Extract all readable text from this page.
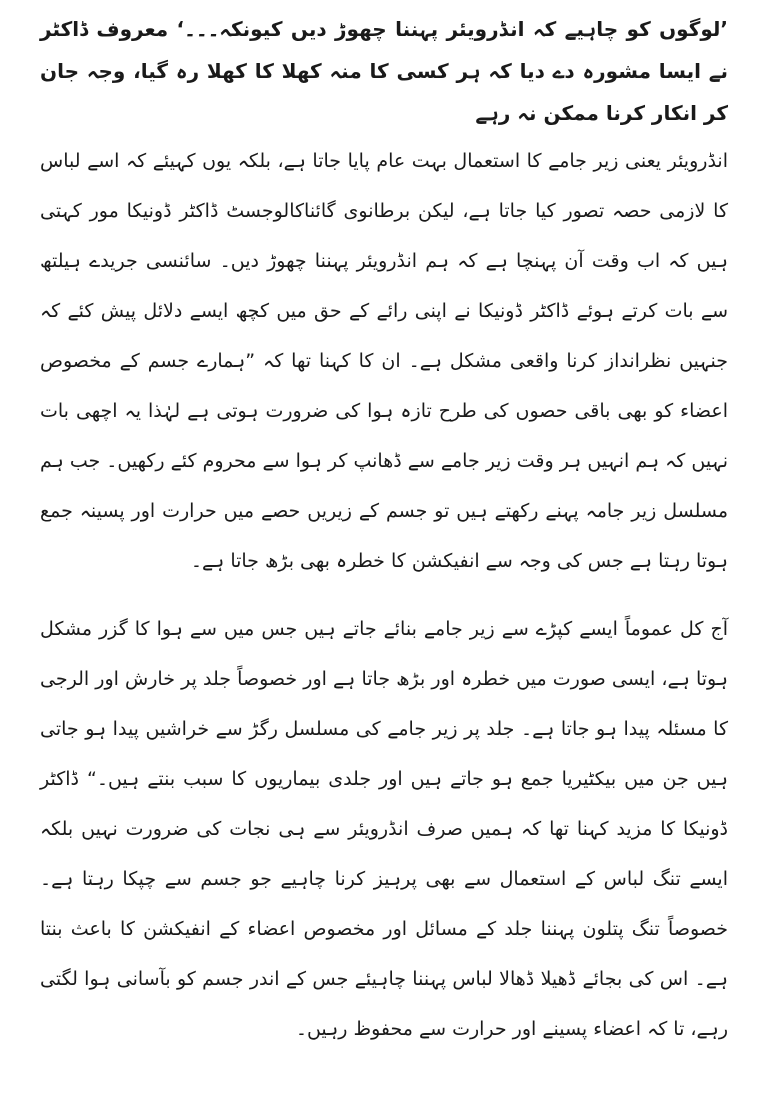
’لوگوں کو چاہیے کہ انڈرویئر پہننا چھوڑ دیں کیونکہ۔۔۔‘ معروف ڈاکٹر نے ایسا مشورہ دے دیا کہ ہر کسی کا منہ کھلا کا کھلا رہ گیا، وجہ جان کر انکار کرنا ممکن نہ رہے

انڈرویئر یعنی زیر جامے کا استعمال بہت عام پایا جاتا ہے، بلکہ یوں کہیئے کہ اسے لباس کا لازمی حصہ تصور کیا جاتا ہے، لیکن برطانوی گائناکالوجسٹ ڈاکٹر ڈونیکا مور کہتی ہیں کہ اب وقت آن پہنچا ہے کہ ہم انڈرویئر پہننا چھوڑ دیں۔ سائنسی جریدے ہیلتھ سے بات کرتے ہوئے ڈاکٹر ڈونیکا نے اپنی رائے کے حق میں کچھ ایسے دلائل پیش کئے کہ جنہیں نظرانداز کرنا واقعی مشکل ہے۔ ان کا کہنا تھا کہ ”ہمارے جسم کے مخصوص اعضاء کو بھی باقی حصوں کی طرح تازہ ہوا کی ضرورت ہوتی ہے لہٰذا یہ اچھی بات نہیں کہ ہم انہیں ہر وقت زیر جامے سے ڈھانپ کر ہوا سے محروم کئے رکھیں۔ جب ہم مسلسل زیر جامہ پہنے رکھتے ہیں تو جسم کے زیریں حصے میں حرارت اور پسینہ جمع ہوتا رہتا ہے جس کی وجہ سے انفیکشن کا خطرہ بھی بڑھ جاتا ہے۔

آج کل عموماً ایسے کپڑے سے زیر جامے بنائے جاتے ہیں جس میں سے ہوا کا گزر مشکل ہوتا ہے، ایسی صورت میں خطرہ اور بڑھ جاتا ہے اور خصوصاً جلد پر خارش اور الرجی کا مسئلہ پیدا ہو جاتا ہے۔ جلد پر زیر جامے کی مسلسل رگڑ سے خراشیں پیدا ہو جاتی ہیں جن میں بیکٹیریا جمع ہو جاتے ہیں اور جلدی بیماریوں کا سبب بنتے ہیں۔“ ڈاکٹر ڈونیکا کا مزید کہنا تھا کہ ہمیں صرف انڈرویئر سے ہی نجات کی ضرورت نہیں بلکہ ایسے تنگ لباس کے استعمال سے بھی پرہیز کرنا چاہیے جو جسم سے چپکا رہتا ہے۔ خصوصاً تنگ پتلون پہننا جلد کے مسائل اور مخصوص اعضاء کے انفیکشن کا باعث بنتا ہے۔ اس کی بجائے ڈھیلا ڈھالا لباس پہننا چاہیئے جس کے اندر جسم کو بآسانی ہوا لگتی رہے، تا کہ اعضاء پسینے اور حرارت سے محفوظ رہیں۔
